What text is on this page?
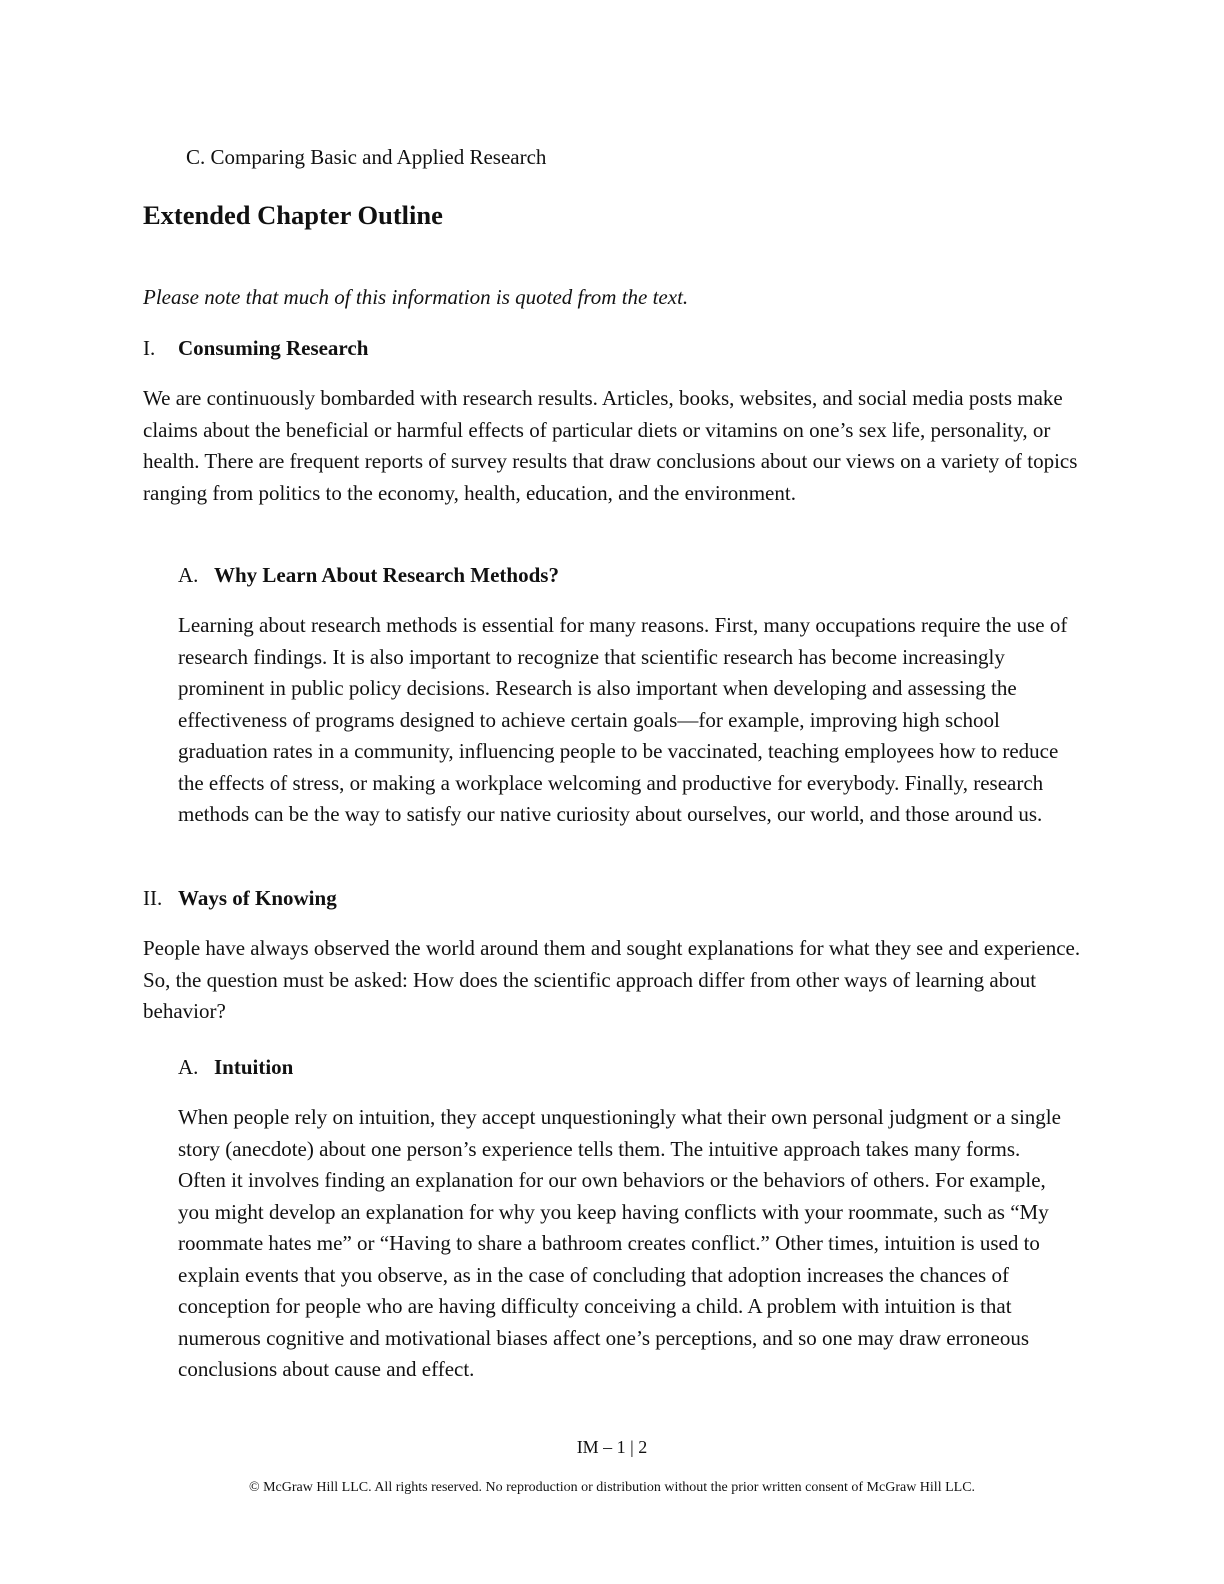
C. Comparing Basic and Applied Research

Extended Chapter Outline

Please note that much of this information is quoted from the text.

I. Consuming Research

We are continuously bombarded with research results. Articles, books, websites, and social media posts make claims about the beneficial or harmful effects of particular diets or vitamins on one’s sex life, personality, or health. There are frequent reports of survey results that draw conclusions about our views on a variety of topics ranging from politics to the economy, health, education, and the environment.

A. Why Learn About Research Methods?

Learning about research methods is essential for many reasons. First, many occupations require the use of research findings. It is also important to recognize that scientific research has become increasingly prominent in public policy decisions. Research is also important when developing and assessing the effectiveness of programs designed to achieve certain goals—for example, improving high school graduation rates in a community, influencing people to be vaccinated, teaching employees how to reduce the effects of stress, or making a workplace welcoming and productive for everybody. Finally, research methods can be the way to satisfy our native curiosity about ourselves, our world, and those around us.

II. Ways of Knowing

People have always observed the world around them and sought explanations for what they see and experience. So, the question must be asked: How does the scientific approach differ from other ways of learning about behavior?

A. Intuition

When people rely on intuition, they accept unquestioningly what their own personal judgment or a single story (anecdote) about one person’s experience tells them. The intuitive approach takes many forms. Often it involves finding an explanation for our own behaviors or the behaviors of others. For example, you might develop an explanation for why you keep having conflicts with your roommate, such as “My roommate hates me” or “Having to share a bathroom creates conflict.” Other times, intuition is used to explain events that you observe, as in the case of concluding that adoption increases the chances of conception for people who are having difficulty conceiving a child. A problem with intuition is that numerous cognitive and motivational biases affect one’s perceptions, and so one may draw erroneous conclusions about cause and effect.

IM – 1 | 2
© McGraw Hill LLC. All rights reserved. No reproduction or distribution without the prior written consent of McGraw Hill LLC.
